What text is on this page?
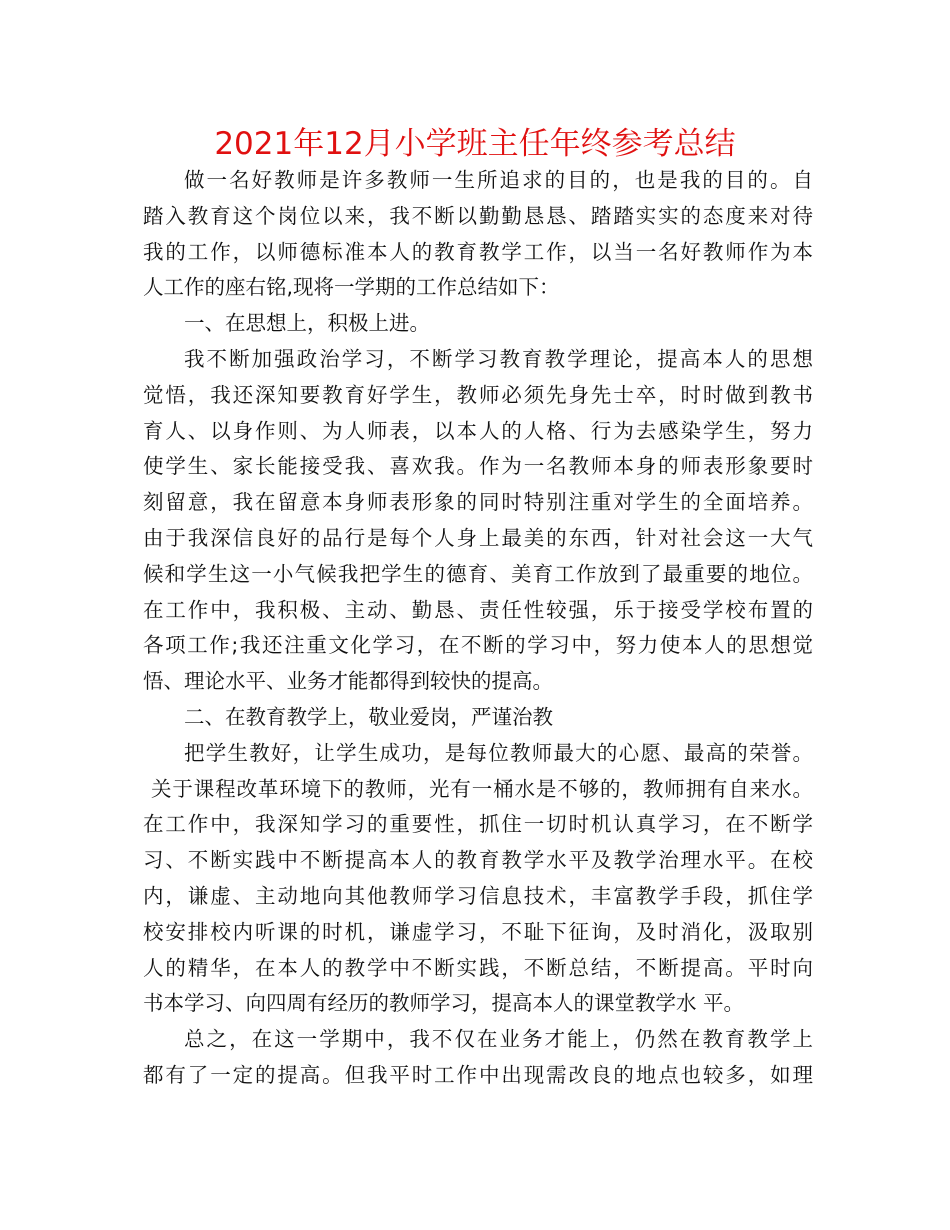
2021年12月小学班主任年终参考总结
做一名好教师是许多教师一生所追求的目的，也是我的目的。自
踏入教育这个岗位以来，我不断以勤勤恳恳、踏踏实实的态度来对待
我的工作，以师德标准本人的教育教学工作，以当一名好教师作为本
人工作的座右铭,现将一学期的工作总结如下：
一、在思想上，积极上进。
我不断加强政治学习，不断学习教育教学理论，提高本人的思想
觉悟，我还深知要教育好学生，教师必须先身先士卒，时时做到教书
育人、以身作则、为人师表，以本人的人格、行为去感染学生，努力
使学生、家长能接受我、喜欢我。作为一名教师本身的师表形象要时
刻留意，我在留意本身师表形象的同时特别注重对学生的全面培养。
由于我深信良好的品行是每个人身上最美的东西，针对社会这一大气
候和学生这一小气候我把学生的德育、美育工作放到了最重要的地位。
在工作中，我积极、主动、勤恳、责任性较强，乐于接受学校布置的
各项工作;我还注重文化学习，在不断的学习中，努力使本人的思想觉
悟、理论水平、业务才能都得到较快的提高。
二、在教育教学上，敬业爱岗，严谨治教
把学生教好，让学生成功，是每位教师最大的心愿、最高的荣誉。
关于课程改革环境下的教师，光有一桶水是不够的，教师拥有自来水。
在工作中，我深知学习的重要性，抓住一切时机认真学习，在不断学
习、不断实践中不断提高本人的教育教学水平及教学治理水平。在校
内，谦虚、主动地向其他教师学习信息技术，丰富教学手段，抓住学
校安排校内听课的时机，谦虚学习，不耻下征询，及时消化，汲取别
人的精华，在本人的教学中不断实践，不断总结，不断提高。平时向
书本学习、向四周有经历的教师学习，提高本人的课堂教学水 平。
总之，在这一学期中，我不仅在业务才能上，仍然在教育教学上
都有了一定的提高。但我平时工作中出现需改良的地点也较多，如理
